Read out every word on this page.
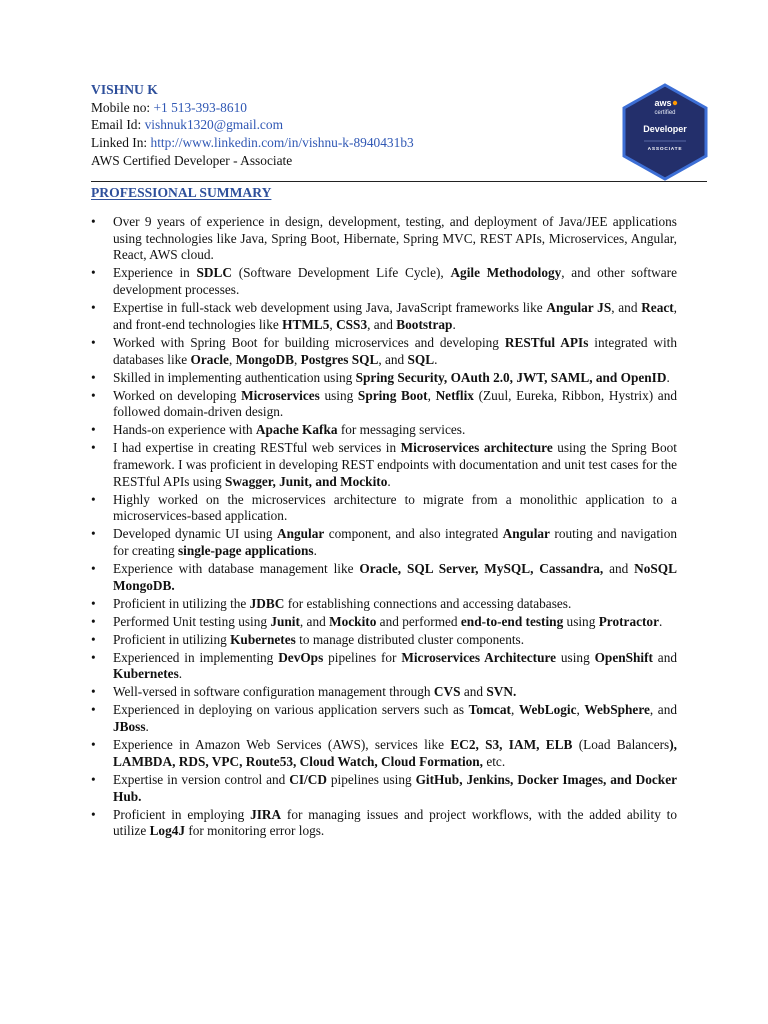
VISHNU K
Mobile no: +1 513-393-8610
Email Id: vishnuk1320@gmail.com
Linked In: http://www.linkedin.com/in/vishnu-k-8940431b3
AWS Certified Developer - Associate
aws
certified
Developer
ASSOCIATE
PROFESSIONAL SUMMARY
•	Over 9 years of experience in design, development, testing, and deployment of Java/JEE applications using technologies like Java, Spring Boot, Hibernate, Spring MVC, REST APIs, Microservices, Angular, React, AWS cloud.
•	Experience in SDLC (Software Development Life Cycle), Agile Methodology, and other software development processes.
•	Expertise in full-stack web development using Java, JavaScript frameworks like Angular JS, and React, and front-end technologies like HTML5, CSS3, and Bootstrap.
•	Worked with Spring Boot for building microservices and developing RESTful APIs integrated with databases like Oracle, MongoDB, Postgres SQL, and SQL.
•	Skilled in implementing authentication using Spring Security, OAuth 2.0, JWT, SAML, and OpenID.
•	Worked on developing Microservices using Spring Boot, Netflix (Zuul, Eureka, Ribbon, Hystrix) and followed domain-driven design.
•	Hands-on experience with Apache Kafka for messaging services.
•	I had expertise in creating RESTful web services in Microservices architecture using the Spring Boot framework. I was proficient in developing REST endpoints with documentation and unit test cases for the RESTful APIs using Swagger, Junit, and Mockito.
•	Highly worked on the microservices architecture to migrate from a monolithic application to a microservices-based application.
•	Developed dynamic UI using Angular component, and also integrated Angular routing and navigation for creating single-page applications.
•	Experience with database management like Oracle, SQL Server, MySQL, Cassandra, and NoSQL MongoDB.
•	Proficient in utilizing the JDBC for establishing connections and accessing databases.
•	Performed Unit testing using Junit, and Mockito and performed end-to-end testing using Protractor.
•	Proficient in utilizing Kubernetes to manage distributed cluster components.
•	Experienced in implementing DevOps pipelines for Microservices Architecture using OpenShift and Kubernetes.
•	Well-versed in software configuration management through CVS and SVN.
•	Experienced in deploying on various application servers such as Tomcat, WebLogic, WebSphere, and JBoss.
•	Experience in Amazon Web Services (AWS), services like EC2, S3, IAM, ELB (Load Balancers), LAMBDA, RDS, VPC, Route53, Cloud Watch, Cloud Formation, etc.
•	Expertise in version control and CI/CD pipelines using GitHub, Jenkins, Docker Images, and Docker Hub.
•	Proficient in employing JIRA for managing issues and project workflows, with the added ability to utilize Log4J for monitoring error logs.
